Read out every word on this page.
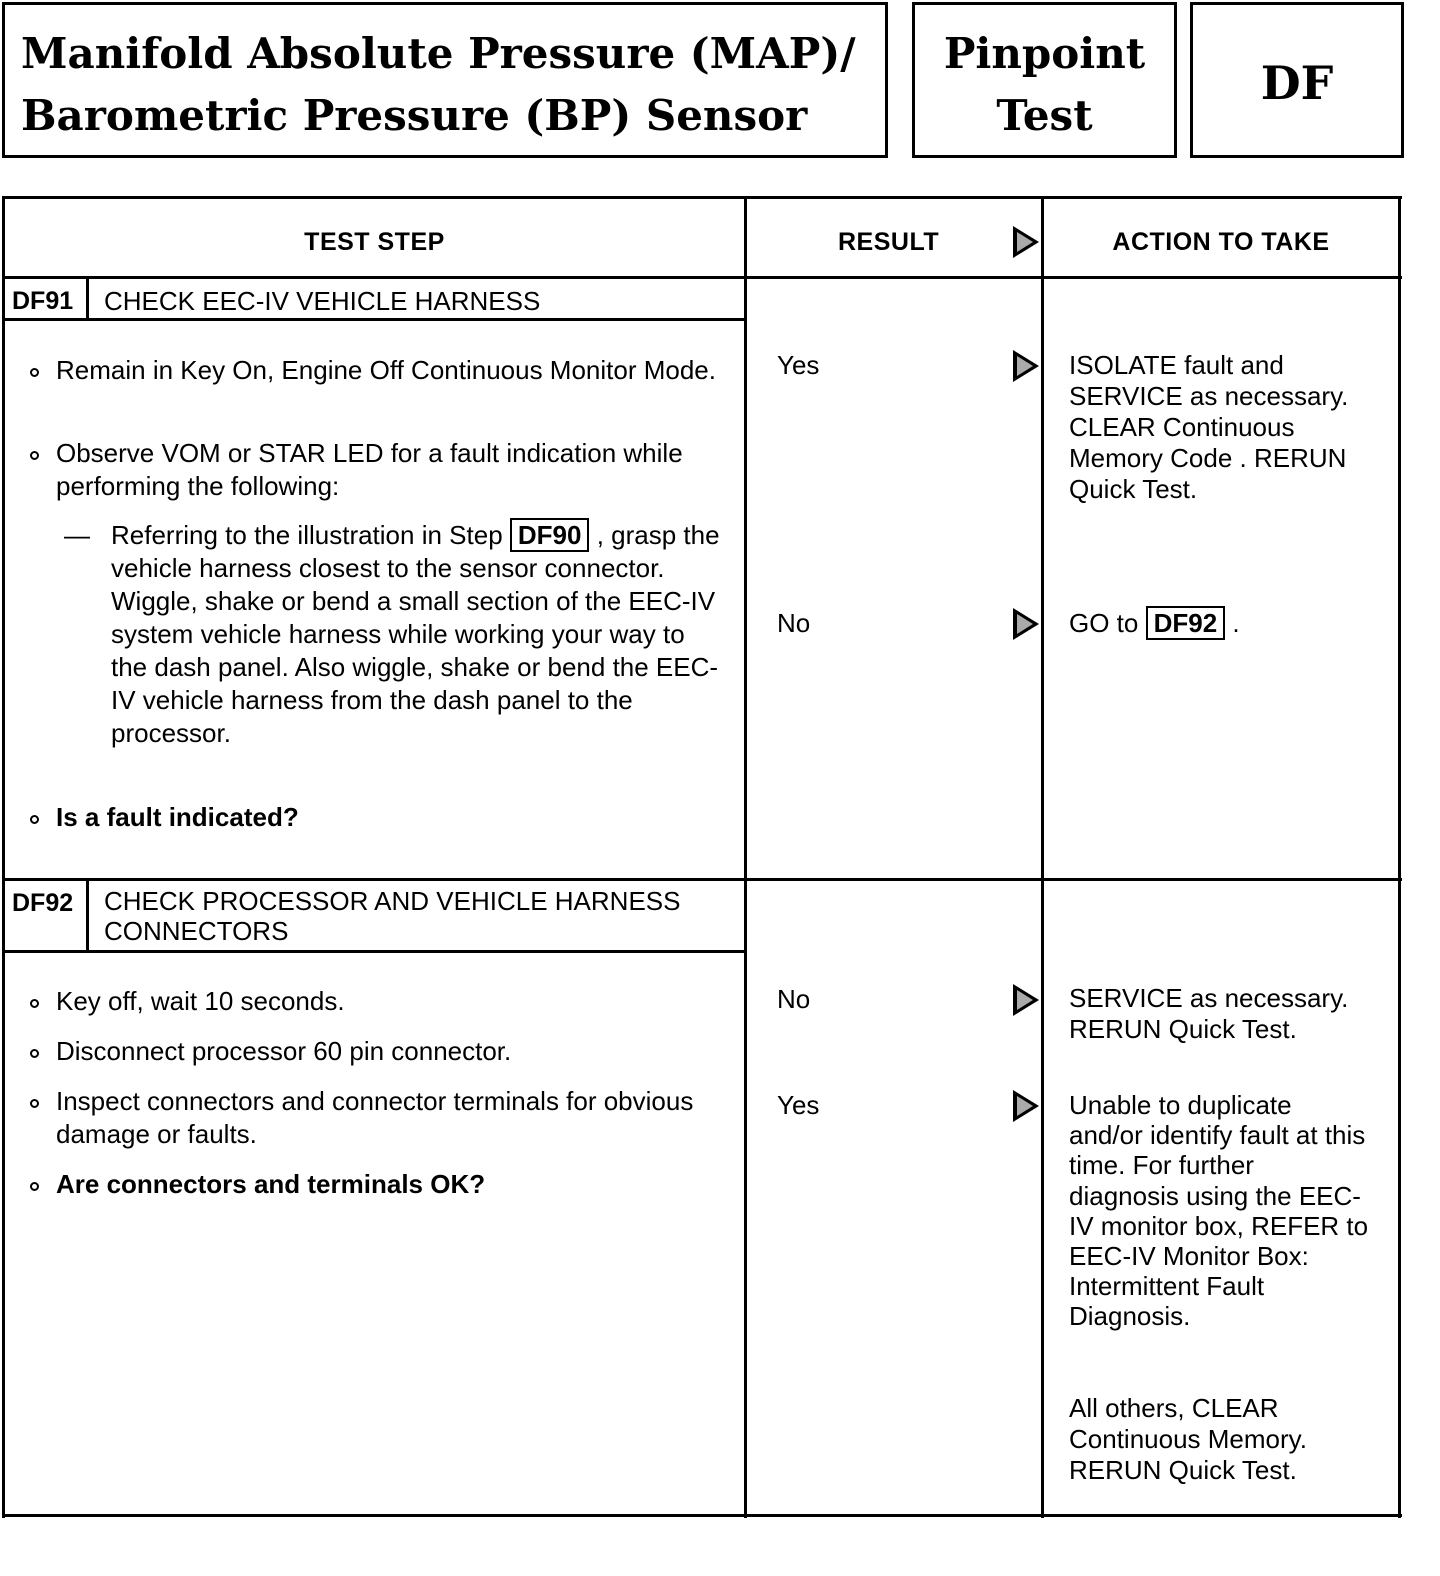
Manifold Absolute Pressure (MAP)/
Barometric Pressure (BP) Sensor
Pinpoint
Test
DF
TEST STEP	RESULT	ACTION TO TAKE
DF91 CHECK EEC-IV VEHICLE HARNESS
Remain in Key On, Engine Off Continuous Monitor Mode.
Observe VOM or STAR LED for a fault indication while performing the following:
— Referring to the illustration in Step DF90 , grasp the vehicle harness closest to the sensor connector. Wiggle, shake or bend a small section of the EEC-IV system vehicle harness while working your way to the dash panel. Also wiggle, shake or bend the EEC-IV vehicle harness from the dash panel to the processor.
Is a fault indicated?
Yes	ISOLATE fault and SERVICE as necessary. CLEAR Continuous Memory Code . RERUN Quick Test.
No	GO to DF92 .
DF92 CHECK PROCESSOR AND VEHICLE HARNESS
CONNECTORS
Key off, wait 10 seconds.
Disconnect processor 60 pin connector.
Inspect connectors and connector terminals for obvious damage or faults.
Are connectors and terminals OK?
No	SERVICE as necessary. RERUN Quick Test.
Yes	Unable to duplicate and/or identify fault at this time. For further diagnosis using the EEC-IV monitor box, REFER to EEC-IV Monitor Box: Intermittent Fault Diagnosis.
All others, CLEAR Continuous Memory. RERUN Quick Test.
